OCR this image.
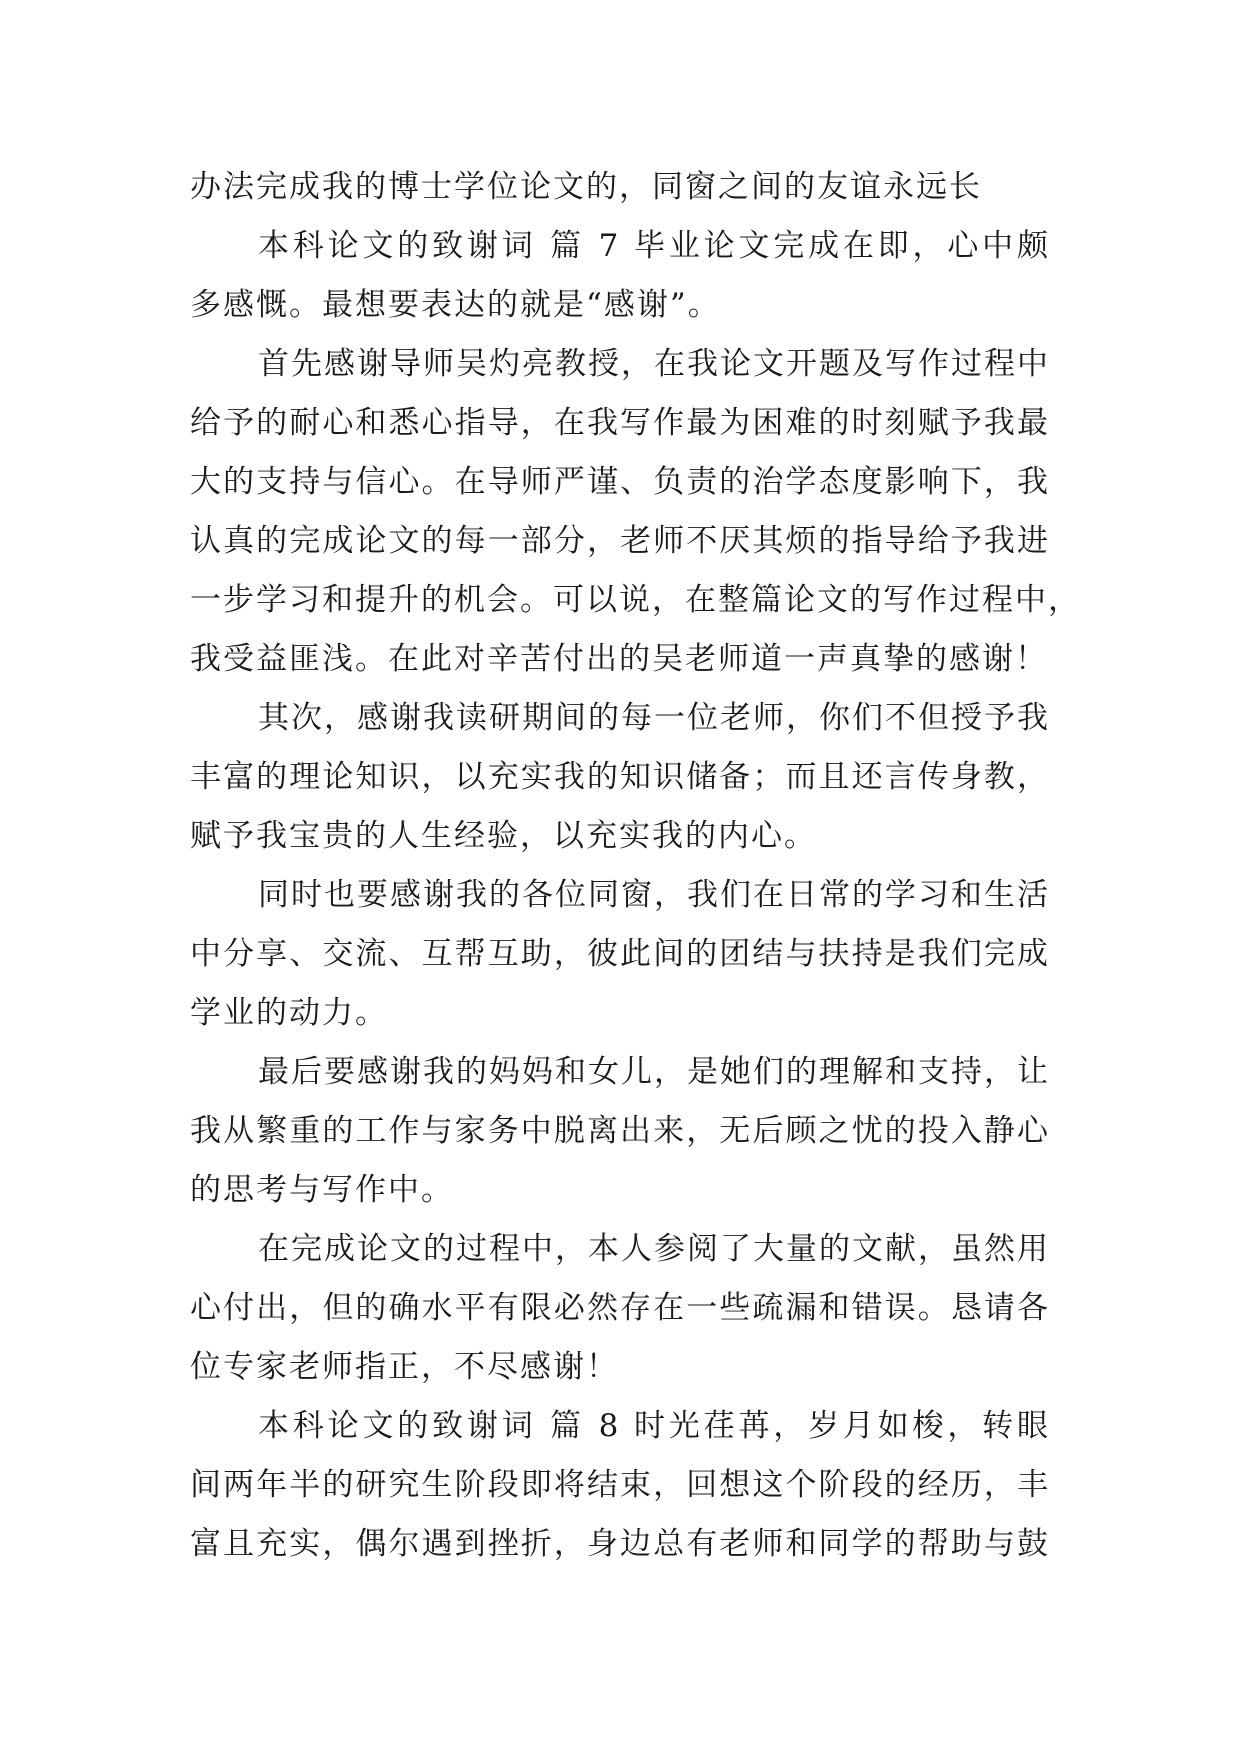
办法完成我的博士学位论文的，同窗之间的友谊永远长
本科论文的致谢词 篇 7 毕业论文完成在即，心中颇
多感慨。最想要表达的就是“感谢”。
首先感谢导师吴灼亮教授，在我论文开题及写作过程中
给予的耐心和悉心指导，在我写作最为困难的时刻赋予我最
大的支持与信心。在导师严谨、负责的治学态度影响下，我
认真的完成论文的每一部分，老师不厌其烦的指导给予我进
一步学习和提升的机会。可以说，在整篇论文的写作过程中，
我受益匪浅。在此对辛苦付出的吴老师道一声真挚的感谢！
其次，感谢我读研期间的每一位老师，你们不但授予我
丰富的理论知识，以充实我的知识储备；而且还言传身教，
赋予我宝贵的人生经验，以充实我的内心。
同时也要感谢我的各位同窗，我们在日常的学习和生活
中分享、交流、互帮互助，彼此间的团结与扶持是我们完成
学业的动力。
最后要感谢我的妈妈和女儿，是她们的理解和支持，让
我从繁重的工作与家务中脱离出来，无后顾之忧的投入静心
的思考与写作中。
在完成论文的过程中，本人参阅了大量的文献，虽然用
心付出，但的确水平有限必然存在一些疏漏和错误。恳请各
位专家老师指正，不尽感谢！
本科论文的致谢词 篇 8 时光荏苒，岁月如梭，转眼
间两年半的研究生阶段即将结束，回想这个阶段的经历，丰
富且充实，偶尔遇到挫折，身边总有老师和同学的帮助与鼓
